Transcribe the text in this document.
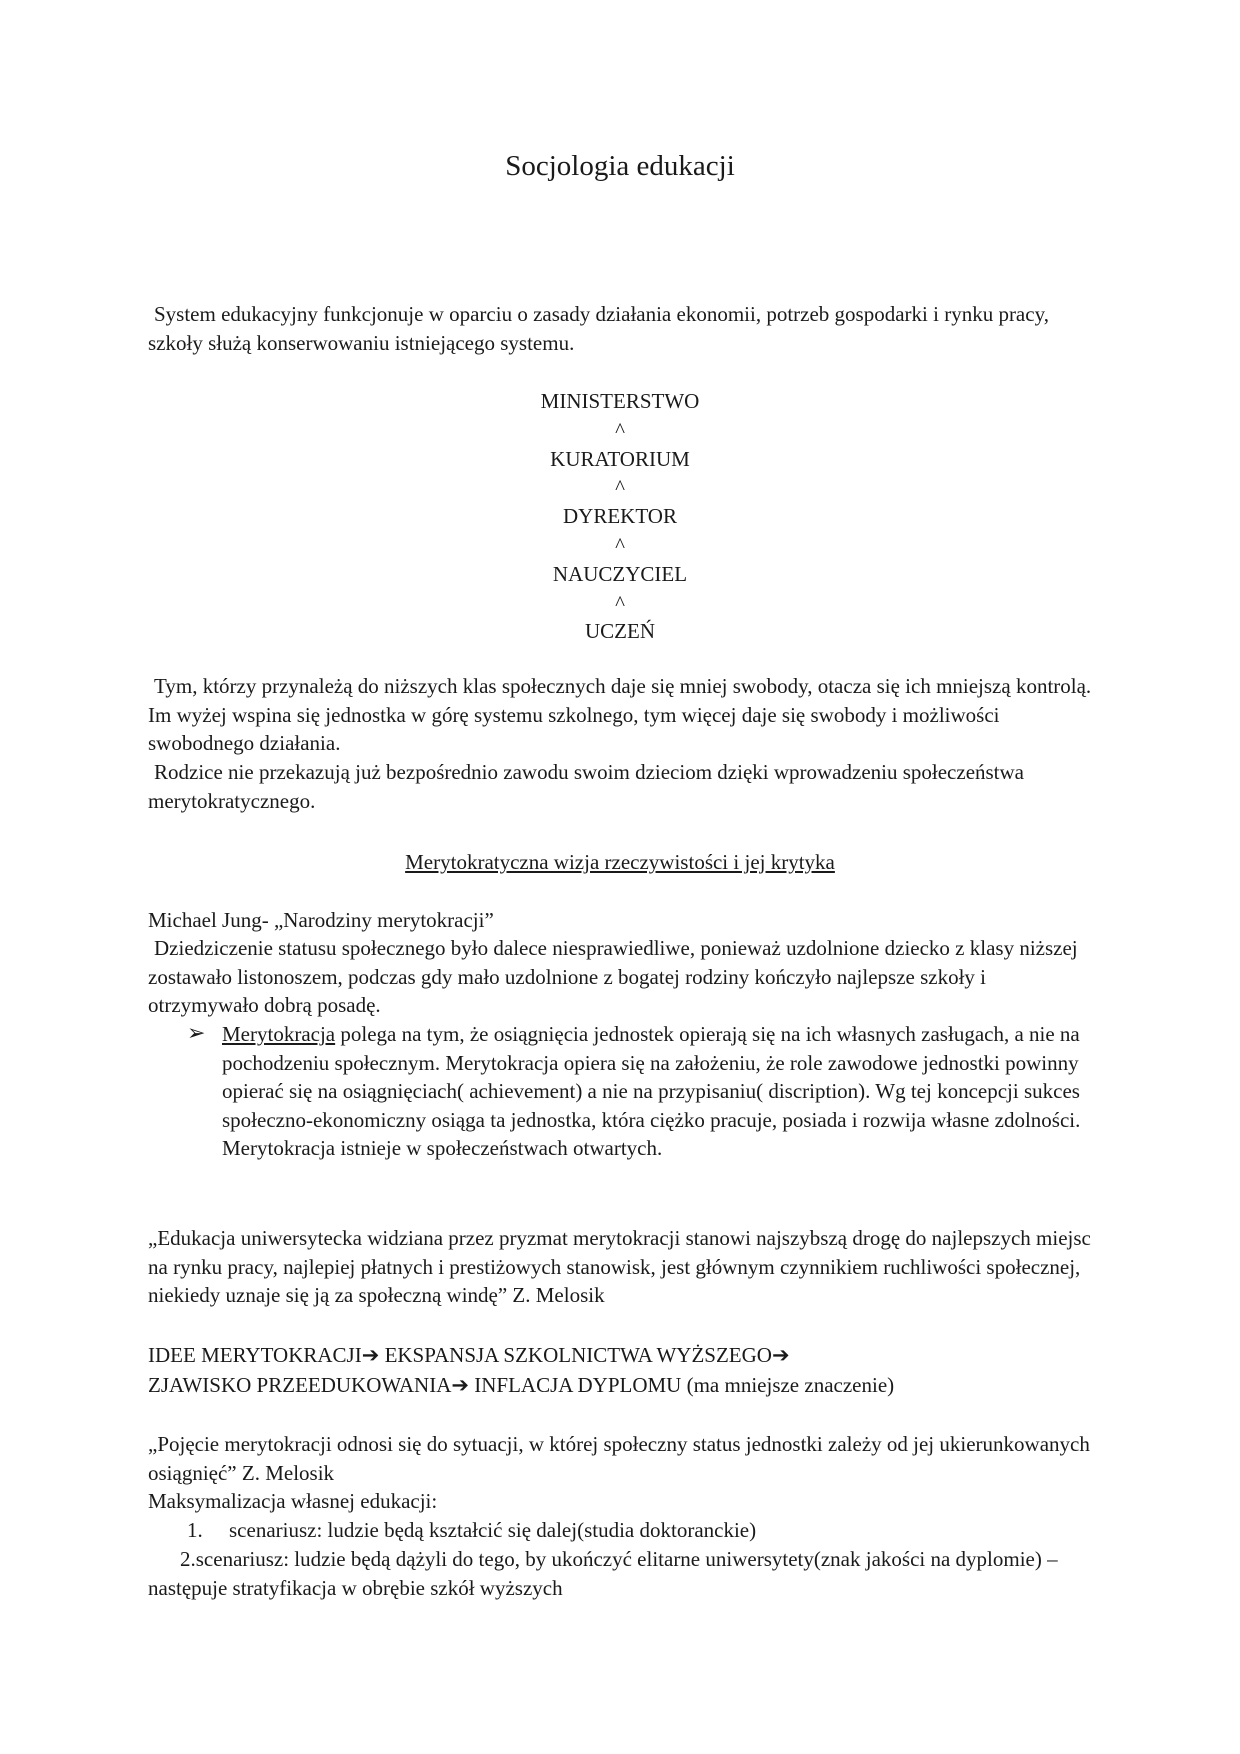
Socjologia edukacji

System edukacyjny funkcjonuje w oparciu o zasady działania ekonomii, potrzeb gospodarki i rynku pracy, szkoły służą konserwowaniu istniejącego systemu.

MINISTERSTWO
^
KURATORIUM
^
DYREKTOR
^
NAUCZYCIEL
^
UCZEŃ

Tym, którzy przynależą do niższych klas społecznych daje się mniej swobody, otacza się ich mniejszą kontrolą. Im wyżej wspina się jednostka w górę systemu szkolnego, tym więcej daje się swobody i możliwości swobodnego działania.

Rodzice nie przekazują już bezpośrednio zawodu swoim dzieciom dzięki wprowadzeniu społeczeństwa merytokratycznego.

Merytokratyczna wizja rzeczywistości i jej krytyka
Michael Jung- „Narodziny merytokracji”

Dziedziczenie statusu społecznego było dalece niesprawiedliwe, ponieważ uzdolnione dziecko z klasy niższej zostawało listonoszem, podczas gdy mało uzdolnione z bogatej rodziny kończyło najlepsze szkoły i otrzymywało dobrą posadę.

➢ Merytokracja polega na tym, że osiągnięcia jednostek opierają się na ich własnych zasługach, a nie na pochodzeniu społecznym. Merytokracja opiera się na założeniu, że role zawodowe jednostki powinny opierać się na osiągnięciach( achievement) a nie na przypisaniu( discription). Wg tej koncepcji sukces społeczno-ekonomiczny osiąga ta jednostka, która ciężko pracuje, posiada i rozwija własne zdolności. Merytokracja istnieje w społeczeństwach otwartych.

„Edukacja uniwersytecka widziana przez pryzmat merytokracji stanowi najszybszą drogę do najlepszych miejsc na rynku pracy, najlepiej płatnych i prestiżowych stanowisk, jest głównym czynnikiem ruchliwości społecznej, niekiedy uznaje się ją za społeczną windę” Z. Melosik

IDEE MERYTOKRACJI➔ EKSPANSJA SZKOLNICTWA WYŻSZEGO➔
ZJAWISKO PRZEEDUKOWANIA➔ INFLACJA DYPLOMU (ma mniejsze znaczenie)

„Pojęcie merytokracji odnosi się do sytuacji, w której społeczny status jednostki zależy od jej ukierunkowanych osiągnięć” Z. Melosik

Maksymalizacja własnej edukacji:
1.	scenariusz: ludzie będą kształcić się dalej(studia doktoranckie)

2.scenariusz: ludzie będą dążyli do tego, by ukończyć elitarne uniwersytety(znak jakości na dyplomie) – następuje stratyfikacja w obrębie szkół wyższych
